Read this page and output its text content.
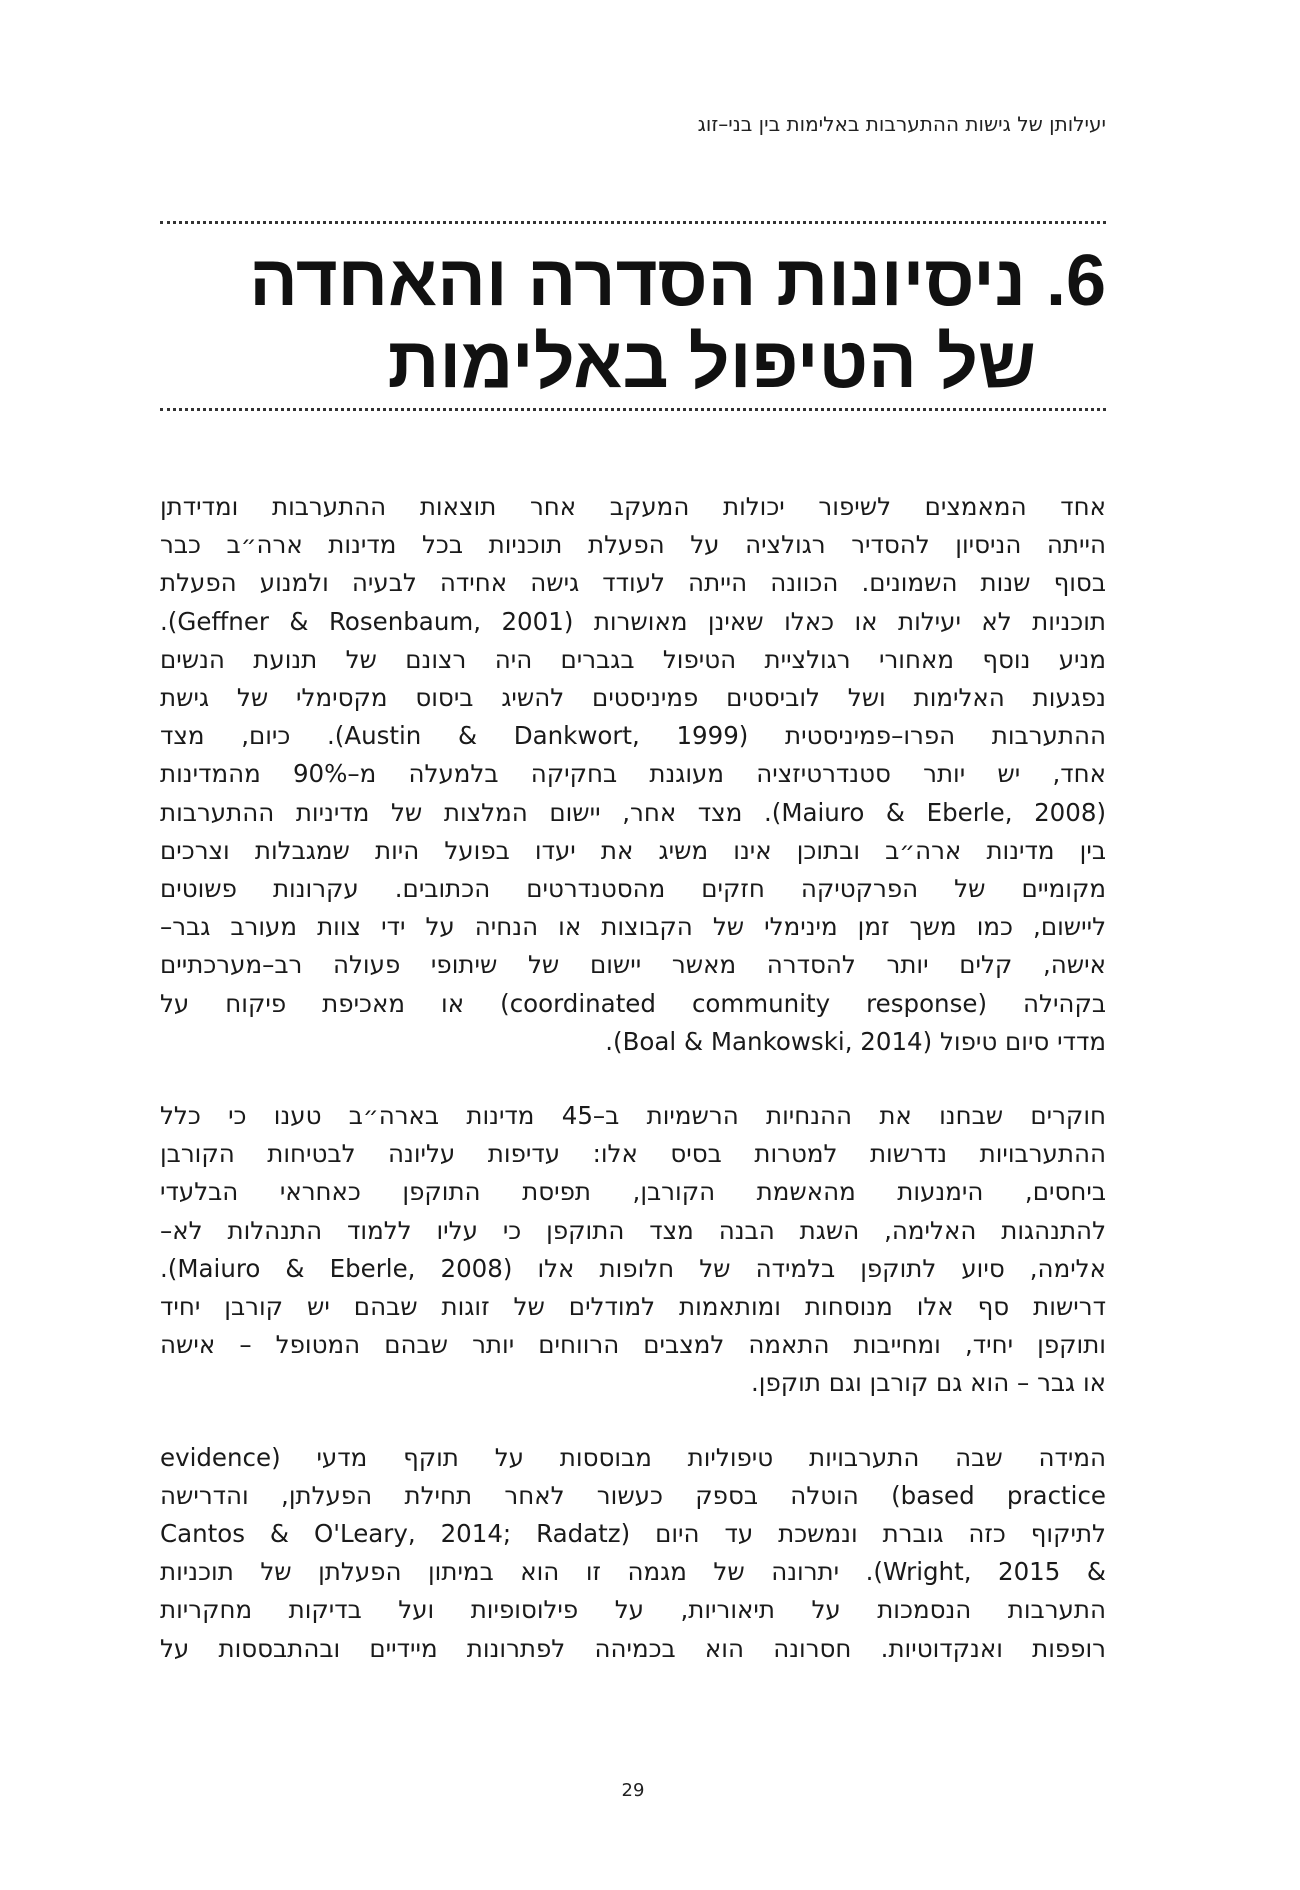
יעילותן של גישות ההתערבות באלימות בין בני–זוג
6. ניסיונות הסדרה והאחדה
של הטיפול באלימות

אחד המאמצים לשיפור יכולות המעקב אחר תוצאות ההתערבות ומדידתן
הייתה הניסיון להסדיר רגולציה על הפעלת תוכניות בכל מדינות ארה״ב כבר
בסוף שנות השמונים. הכוונה הייתה לעודד גישה אחידה לבעיה ולמנוע הפעלת
תוכניות לא יעילות או כאלו שאינן מאושרות (Geffner & Rosenbaum, 2001).
מניע נוסף מאחורי רגולציית הטיפול בגברים היה רצונם של תנועת הנשים
נפגעות האלימות ושל לוביסטים פמיניסטים להשיג ביסוס מקסימלי של גישת
ההתערבות הפרו–פמיניסטית (Austin & Dankwort, 1999). כיום, מצד
אחד, יש יותר סטנדרטיזציה מעוגנת בחקיקה בלמעלה מ–90% מהמדינות
(Maiuro & Eberle, 2008). מצד אחר, יישום המלצות של מדיניות ההתערבות
בין מדינות ארה״ב ובתוכן אינו משיג את יעדו בפועל היות שמגבלות וצרכים
מקומיים של הפרקטיקה חזקים מהסטנדרטים הכתובים. עקרונות פשוטים
ליישום, כמו משך זמן מינימלי של הקבוצות או הנחיה על ידי צוות מעורב גבר–
אישה, קלים יותר להסדרה מאשר יישום של שיתופי פעולה רב–מערכתיים
בקהילה (coordinated community response) או מאכיפת פיקוח על
מדדי סיום טיפול (Boal & Mankowski, 2014).

חוקרים שבחנו את ההנחיות הרשמיות ב–45 מדינות בארה״ב טענו כי כלל
ההתערבויות נדרשות למטרות בסיס אלו: עדיפות עליונה לבטיחות הקורבן
ביחסים, הימנעות מהאשמת הקורבן, תפיסת התוקפן כאחראי הבלעדי
להתנהגות האלימה, השגת הבנה מצד התוקפן כי עליו ללמוד התנהלות לא–
אלימה, סיוע לתוקפן בלמידה של חלופות אלו (Maiuro & Eberle, 2008).
דרישות סף אלו מנוסחות ומותאמות למודלים של זוגות שבהם יש קורבן יחיד
ותוקפן יחיד, ומחייבות התאמה למצבים הרווחים יותר שבהם המטופל – אישה
או גבר – הוא גם קורבן וגם תוקפן.

המידה שבה התערבויות טיפוליות מבוססות על תוקף מדעי (evidence
based practice) הוטלה בספק כעשור לאחר תחילת הפעלתן, והדרישה
לתיקוף כזה גוברת ונמשכת עד היום (Cantos & O'Leary, 2014; Radatz
& Wright, 2015). יתרונה של מגמה זו הוא במיתון הפעלתן של תוכניות
התערבות הנסמכות על תיאוריות, על פילוסופיות ועל בדיקות מחקריות
רופפות ואנקדוטיות. חסרונה הוא בכמיהה לפתרונות מיידיים ובהתבססות על

29
